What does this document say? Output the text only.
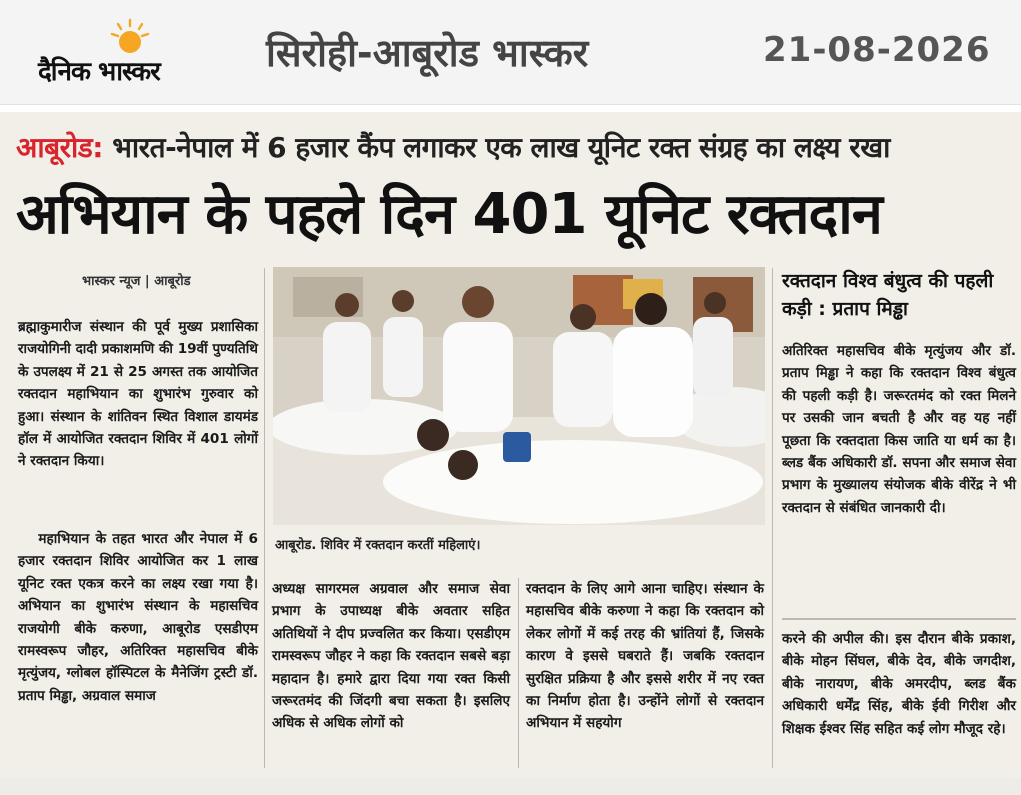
दैनिक भास्कर	सिरोही-आबूरोड भास्कर	21-08-2026
आबूरोड: भारत-नेपाल में 6 हजार कैंप लगाकर एक लाख यूनिट रक्त संग्रह का लक्ष्य रखा
अभियान के पहले दिन 401 यूनिट रक्तदान
भास्कर न्यूज | आबूरोड

ब्रह्माकुमारीज संस्थान की पूर्व मुख्य प्रशासिका राजयोगिनी दादी प्रकाशमणि की 19वीं पुण्यतिथि के उपलक्ष्य में 21 से 25 अगस्त तक आयोजित रक्तदान महाभियान का शुभारंभ गुरुवार को हुआ। संस्थान के शांतिवन स्थित विशाल डायमंड हॉल में आयोजित रक्तदान शिविर में 401 लोगों ने रक्तदान किया।

महाभियान के तहत भारत और नेपाल में 6 हजार रक्तदान शिविर आयोजित कर 1 लाख यूनिट रक्त एकत्र करने का लक्ष्य रखा गया है। अभियान का शुभारंभ संस्थान के महासचिव राजयोगी बीके करुणा, आबूरोड एसडीएम रामस्वरूप जौहर, अतिरिक्त महासचिव बीके मृत्युंजय, ग्लोबल हॉस्पिटल के मैनेजिंग ट्रस्टी डॉ. प्रताप मिड्ढा, अग्रवाल समाज

आबूरोड. शिविर में रक्तदान करतीं महिलाएं।

अध्यक्ष सागरमल अग्रवाल और समाज सेवा प्रभाग के उपाध्यक्ष बीके अवतार सहित अतिथियों ने दीप प्रज्वलित कर किया। एसडीएम रामस्वरूप जौहर ने कहा कि रक्तदान सबसे बड़ा महादान है। हमारे द्वारा दिया गया रक्त किसी जरूरतमंद की जिंदगी बचा सकता है। इसलिए अधिक से अधिक लोगों को

रक्तदान के लिए आगे आना चाहिए। संस्थान के महासचिव बीके करुणा ने कहा कि रक्तदान को लेकर लोगों में कई तरह की भ्रांतियां हैं, जिसके कारण वे इससे घबराते हैं। जबकि रक्तदान सुरक्षित प्रक्रिया है और इससे शरीर में नए रक्त का निर्माण होता है। उन्होंने लोगों से रक्तदान अभियान में सहयोग

रक्तदान विश्व बंधुत्व की पहली कड़ी : प्रताप मिड्ढा

अतिरिक्त महासचिव बीके मृत्युंजय और डॉ. प्रताप मिड्ढा ने कहा कि रक्तदान विश्व बंधुत्व की पहली कड़ी है। जरूरतमंद को रक्त मिलने पर उसकी जान बचती है और वह यह नहीं पूछता कि रक्तदाता किस जाति या धर्म का है। ब्लड बैंक अधिकारी डॉ. सपना और समाज सेवा प्रभाग के मुख्यालय संयोजक बीके वीरेंद्र ने भी रक्तदान से संबंधित जानकारी दी।

करने की अपील की। इस दौरान बीके प्रकाश, बीके मोहन सिंघल, बीके देव, बीके जगदीश, बीके नारायण, बीके अमरदीप, ब्लड बैंक अधिकारी धर्मेंद्र सिंह, बीके ईवी गिरीश और शिक्षक ईश्वर सिंह सहित कई लोग मौजूद रहे।
